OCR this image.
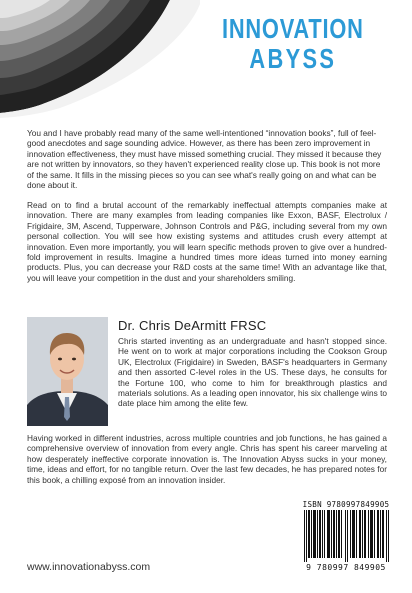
INNOVATION
ABYSS

You and I have probably read many of the same well-intentioned “innovation books”, full of feel-good anecdotes and sage sounding advice. However, as there has been zero improvement in innovation effectiveness, they must have missed something crucial. They missed it because they are not written by innovators, so they haven't experienced reality close up. This book is not more of the same. It fills in the missing pieces so you can see what's really going on and what can be done about it.

Read on to find a brutal account of the remarkably ineffectual attempts companies make at innovation. There are many examples from leading companies like Exxon, BASF, Electrolux / Frigidaire, 3M, Ascend, Tupperware, Johnson Controls and P&G, including several from my own personal collection. You will see how existing systems and attitudes crush every attempt at innovation. Even more importantly, you will learn specific methods proven to give over a hundred-fold improvement in results. Imagine a hundred times more ideas turned into money earning products. Plus, you can decrease your R&D costs at the same time! With an advantage like that, you will leave your competition in the dust and your shareholders smiling.

Dr. Chris DeArmitt FRSC

Chris started inventing as an undergraduate and hasn't stopped since. He went on to work at major corporations including the Cookson Group UK, Electrolux (Frigidaire) in Sweden, BASF's headquarters in Germany and then assorted C-level roles in the US. These days, he consults for the Fortune 100, who come to him for breakthrough plastics and materials solutions. As a leading open innovator, his six challenge wins to date place him among the elite few.

Having worked in different industries, across multiple countries and job functions, he has gained a comprehensive overview of innovation from every angle. Chris has spent his career marveling at how desperately ineffective corporate innovation is. The Innovation Abyss sucks in your money, time, ideas and effort, for no tangible return. Over the last few decades, he has prepared notes for this book, a chilling exposé from an innovation insider.

www.innovationabyss.com
ISBN 9780997849905
9 780997 849905
